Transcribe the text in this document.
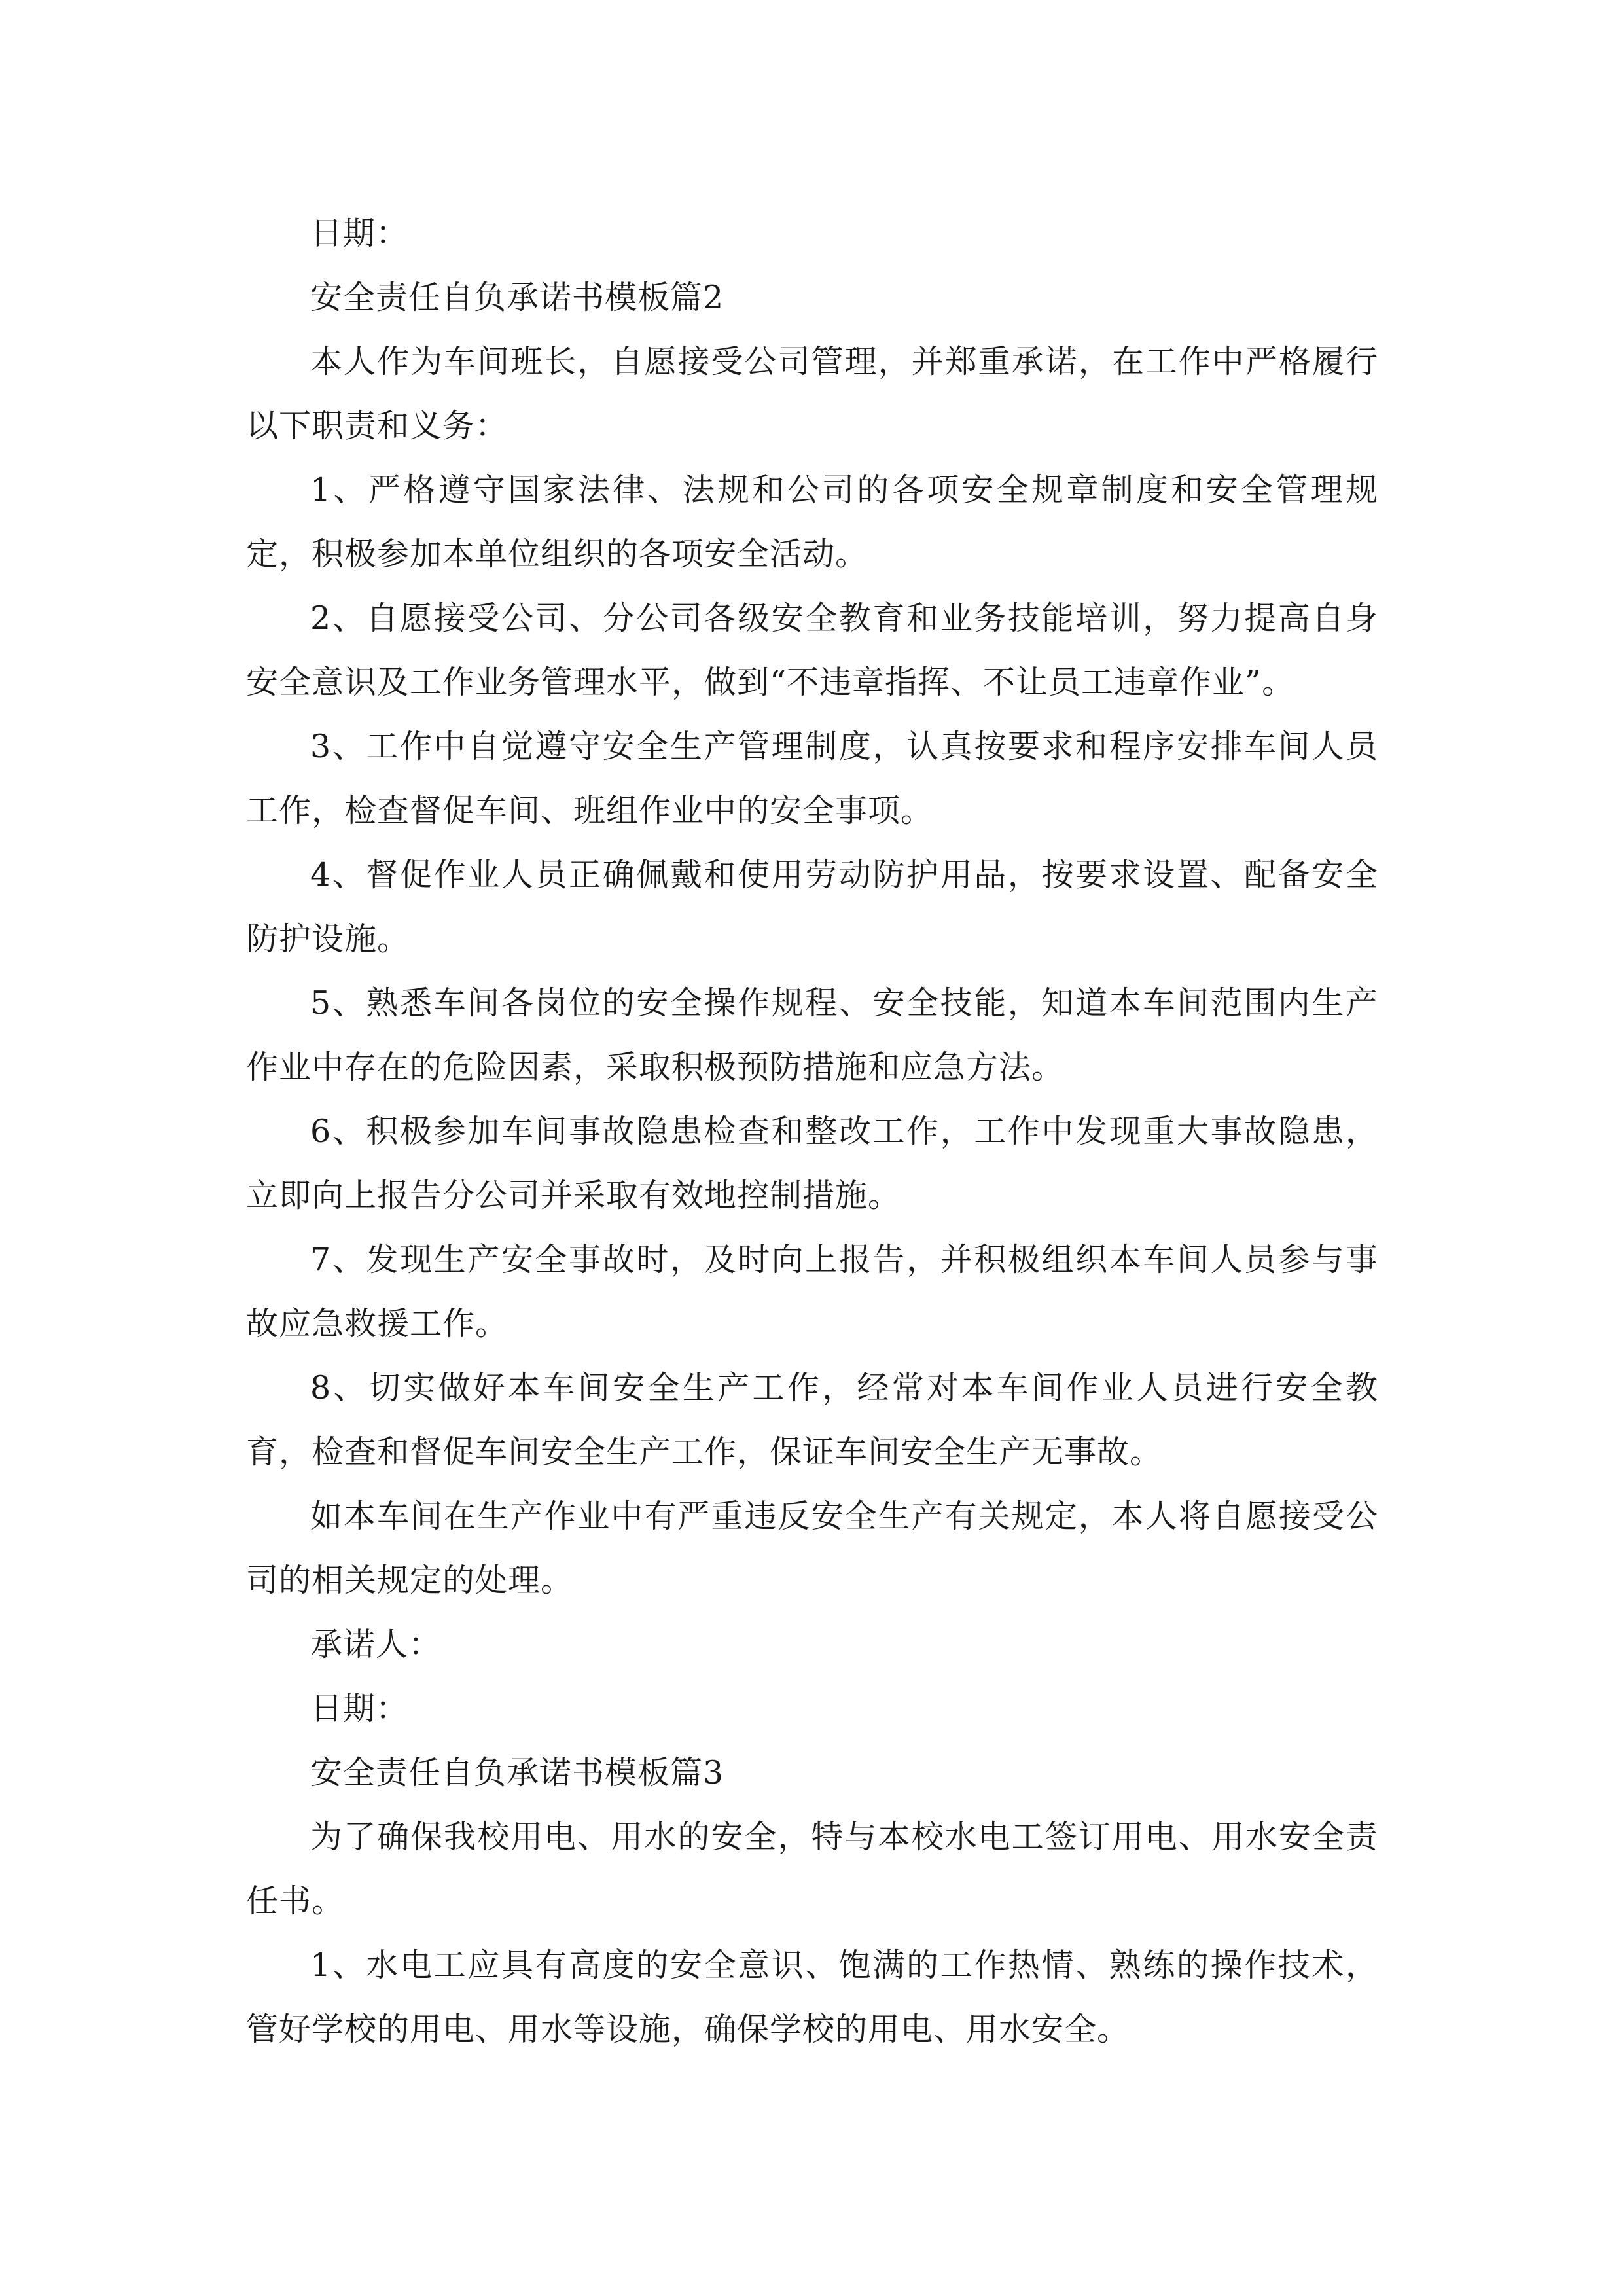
日期：

安全责任自负承诺书模板篇2

本人作为车间班长，自愿接受公司管理，并郑重承诺，在工作中严格履行以下职责和义务：

1、严格遵守国家法律、法规和公司的各项安全规章制度和安全管理规定，积极参加本单位组织的各项安全活动。

2、自愿接受公司、分公司各级安全教育和业务技能培训，努力提高自身安全意识及工作业务管理水平，做到“不违章指挥、不让员工违章作业”。

3、工作中自觉遵守安全生产管理制度，认真按要求和程序安排车间人员工作，检查督促车间、班组作业中的安全事项。

4、督促作业人员正确佩戴和使用劳动防护用品，按要求设置、配备安全防护设施。

5、熟悉车间各岗位的安全操作规程、安全技能，知道本车间范围内生产作业中存在的危险因素，采取积极预防措施和应急方法。

6、积极参加车间事故隐患检查和整改工作，工作中发现重大事故隐患，立即向上报告分公司并采取有效地控制措施。

7、发现生产安全事故时，及时向上报告，并积极组织本车间人员参与事故应急救援工作。

8、切实做好本车间安全生产工作，经常对本车间作业人员进行安全教育，检查和督促车间安全生产工作，保证车间安全生产无事故。

如本车间在生产作业中有严重违反安全生产有关规定，本人将自愿接受公司的相关规定的处理。

承诺人：

日期：

安全责任自负承诺书模板篇3

为了确保我校用电、用水的安全，特与本校水电工签订用电、用水安全责任书。

1、水电工应具有高度的安全意识、饱满的工作热情、熟练的操作技术，管好学校的用电、用水等设施，确保学校的用电、用水安全。
